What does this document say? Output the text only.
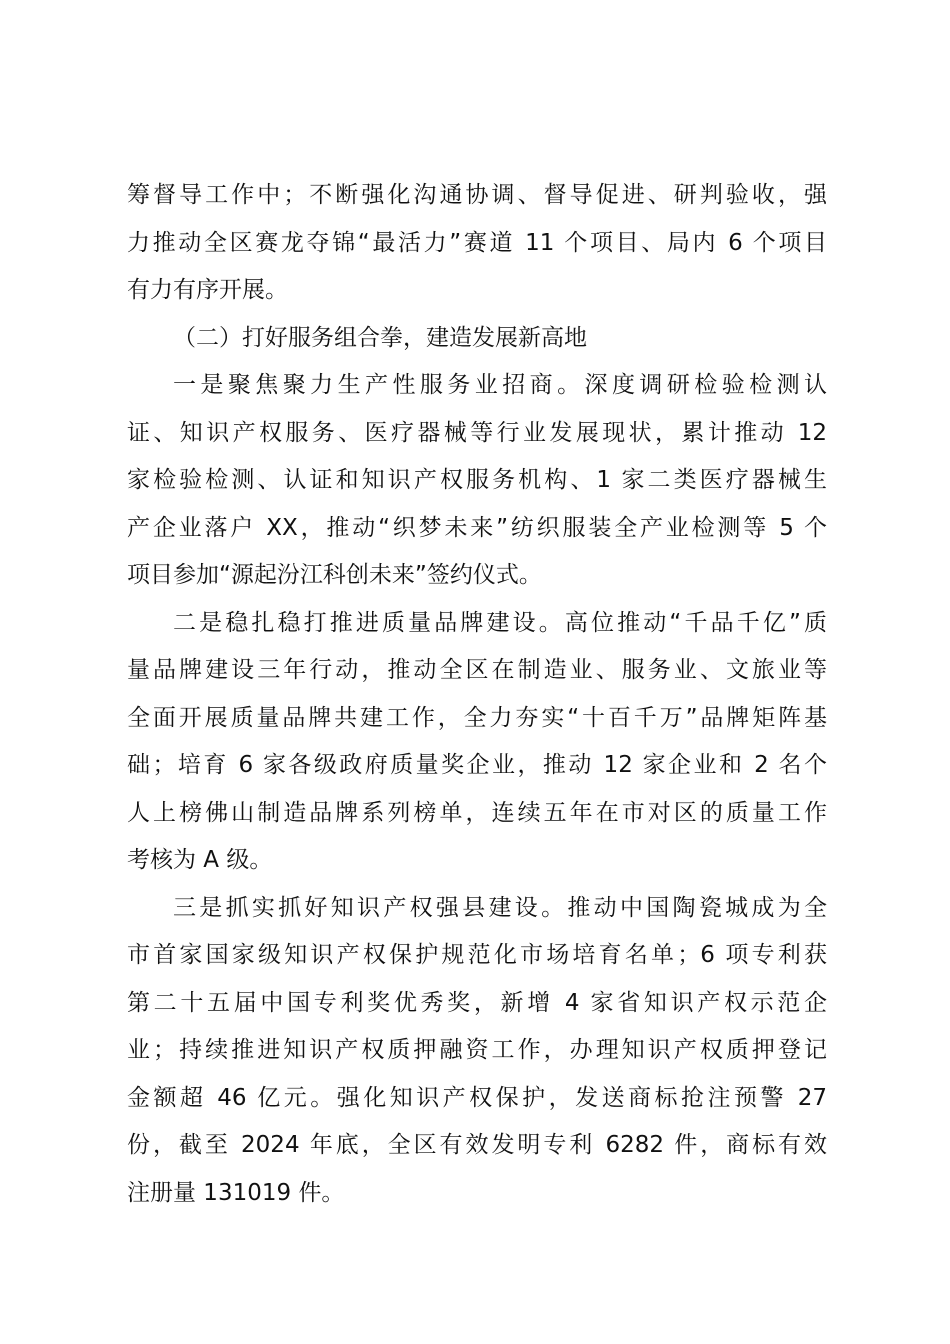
筹督导工作中；不断强化沟通协调、督导促进、研判验收，强
力推动全区赛龙夺锦“最活力”赛道 11 个项目、局内 6 个项目
有力有序开展。
（二）打好服务组合拳，建造发展新高地
一是聚焦聚力生产性服务业招商。深度调研检验检测认
证、知识产权服务、医疗器械等行业发展现状，累计推动 12
家检验检测、认证和知识产权服务机构、1 家二类医疗器械生
产企业落户 XX，推动“织梦未来”纺织服装全产业检测等 5 个
项目参加“源起汾江科创未来”签约仪式。
二是稳扎稳打推进质量品牌建设。高位推动“千品千亿”质
量品牌建设三年行动，推动全区在制造业、服务业、文旅业等
全面开展质量品牌共建工作，全力夯实“十百千万”品牌矩阵基
础；培育 6 家各级政府质量奖企业，推动 12 家企业和 2 名个
人上榜佛山制造品牌系列榜单，连续五年在市对区的质量工作
考核为 A 级。
三是抓实抓好知识产权强县建设。推动中国陶瓷城成为全
市首家国家级知识产权保护规范化市场培育名单；6 项专利获
第二十五届中国专利奖优秀奖，新增 4 家省知识产权示范企
业；持续推进知识产权质押融资工作，办理知识产权质押登记
金额超 46 亿元。强化知识产权保护，发送商标抢注预警 27
份，截至 2024 年底，全区有效发明专利 6282 件，商标有效
注册量 131019 件。
